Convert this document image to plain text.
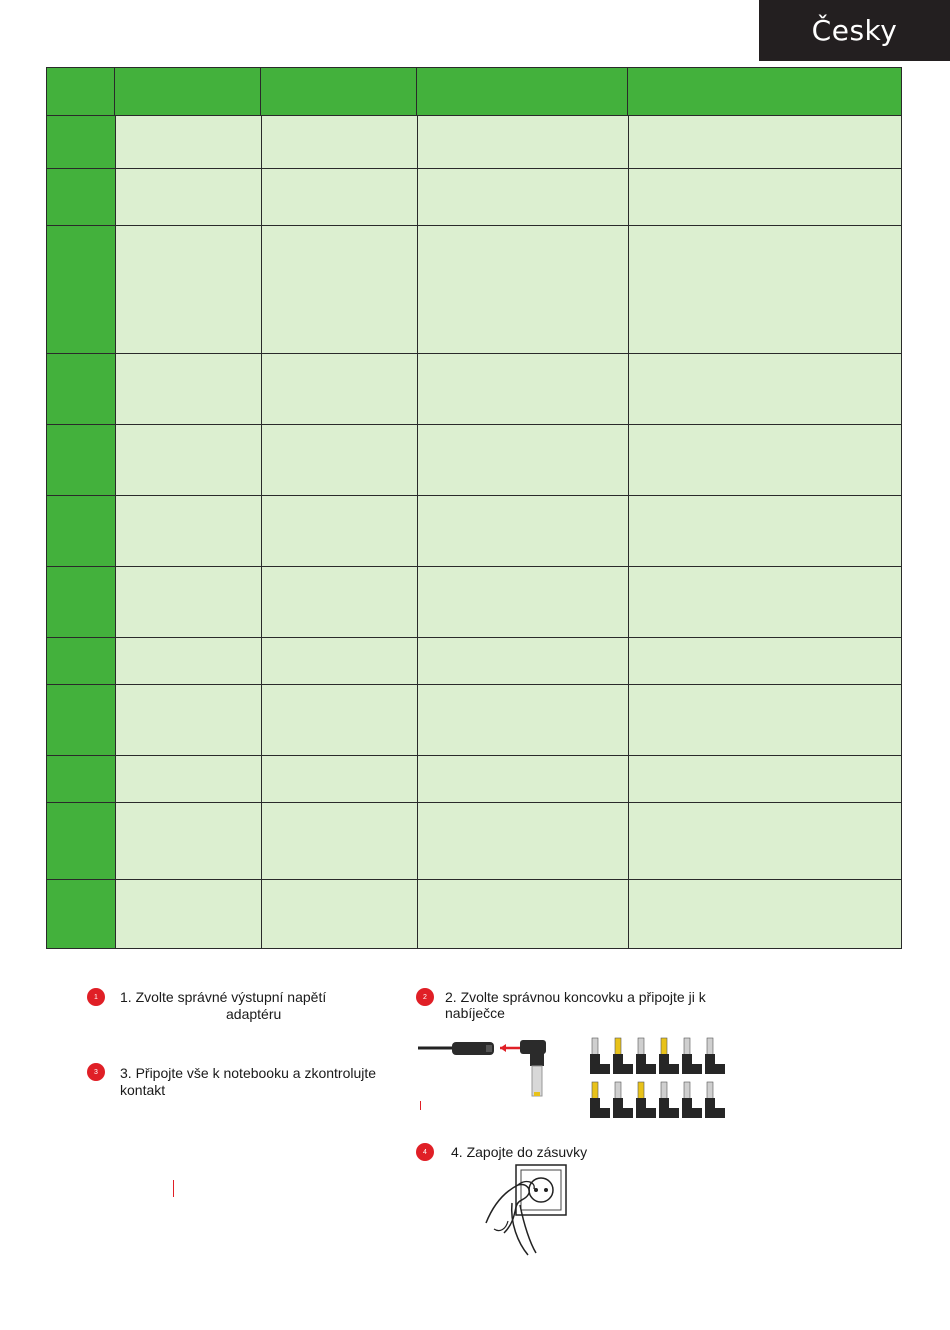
Česky
1	1. Zvolte správné výstupní napětí
adaptéru
2	2. Zvolte správnou koncovku a připojte ji k
nabíječce
3	3. Připojte vše k notebooku a zkontrolujte
kontakt
4	4. Zapojte do zásuvky
